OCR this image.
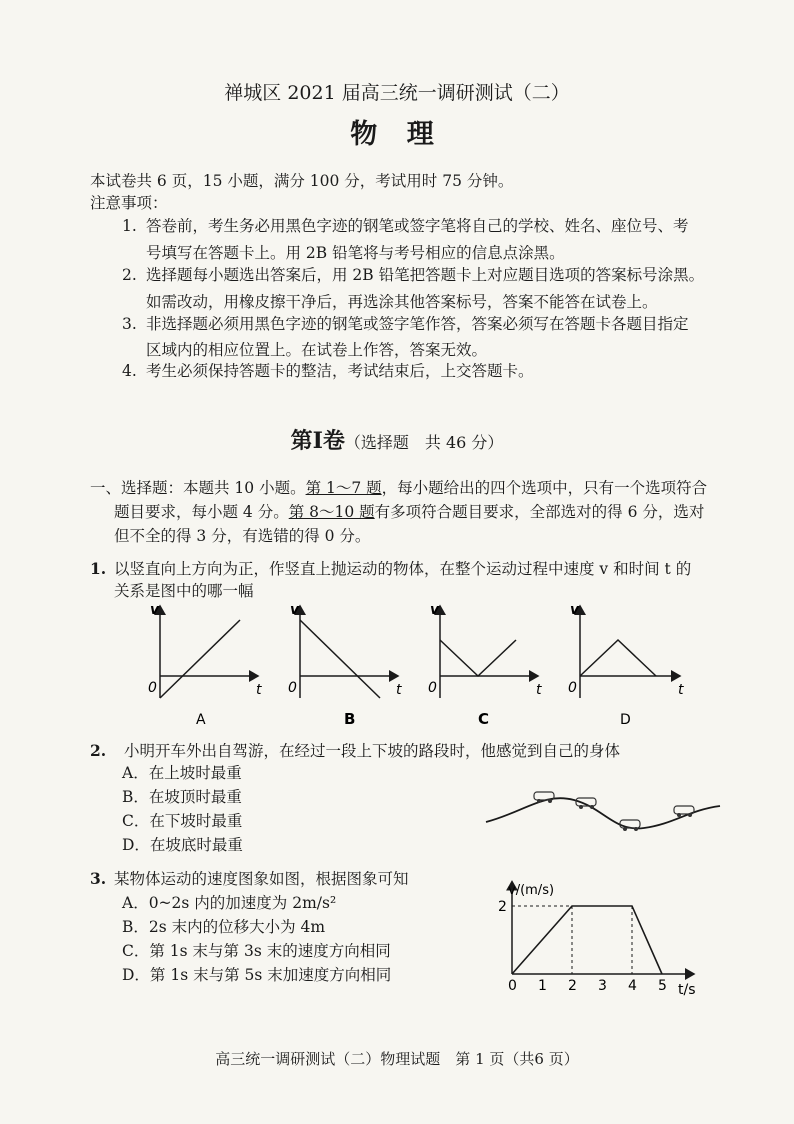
禅城区 2021 届高三统一调研测试（二）
物 理
本试卷共 6 页，15 小题，满分 100 分，考试用时 75 分钟。
注意事项：
1. 答卷前，考生务必用黑色字迹的钢笔或签字笔将自己的学校、姓名、座位号、考
号填写在答题卡上。用 2B 铅笔将与考号相应的信息点涂黑。
2. 选择题每小题选出答案后，用 2B 铅笔把答题卡上对应题目选项的答案标号涂黑。
如需改动，用橡皮擦干净后，再选涂其他答案标号，答案不能答在试卷上。
3. 非选择题必须用黑色字迹的钢笔或签字笔作答，答案必须写在答题卡各题目指定
区域内的相应位置上。在试卷上作答，答案无效。
4. 考生必须保持答题卡的整洁，考试结束后，上交答题卡。
第Ⅰ卷（选择题　共 46 分）
一、选择题：本题共 10 小题。第 1～7 题，每小题给出的四个选项中，只有一个选项符合
题目要求，每小题 4 分。第 8～10 题有多项符合题目要求，全部选对的得 6 分，选对
但不全的得 3 分，有选错的得 0 分。
1. 以竖直向上方向为正，作竖直上抛运动的物体，在整个运动过程中速度 v 和时间 t 的
关系是图中的哪一幅
v
0	t
A
v
0	t
B
v
0	t
C
v
0	t
D
2. 小明开车外出自驾游，在经过一段上下坡的路段时，他感觉到自己的身体
A．在上坡时最重
B．在坡顶时最重
C．在下坡时最重
D．在坡底时最重
3. 某物体运动的速度图象如图，根据图象可知
A．0~2s 内的加速度为 2m/s²
B．2s 末内的位移大小为 4m
C．第 1s 末与第 3s 末的速度方向相同
D．第 1s 末与第 5s 末加速度方向相同
0 1 2 3 4 5
v/(m/s)
t/s
2
高三统一调研测试（二）物理试题　第 1 页（共6 页）
